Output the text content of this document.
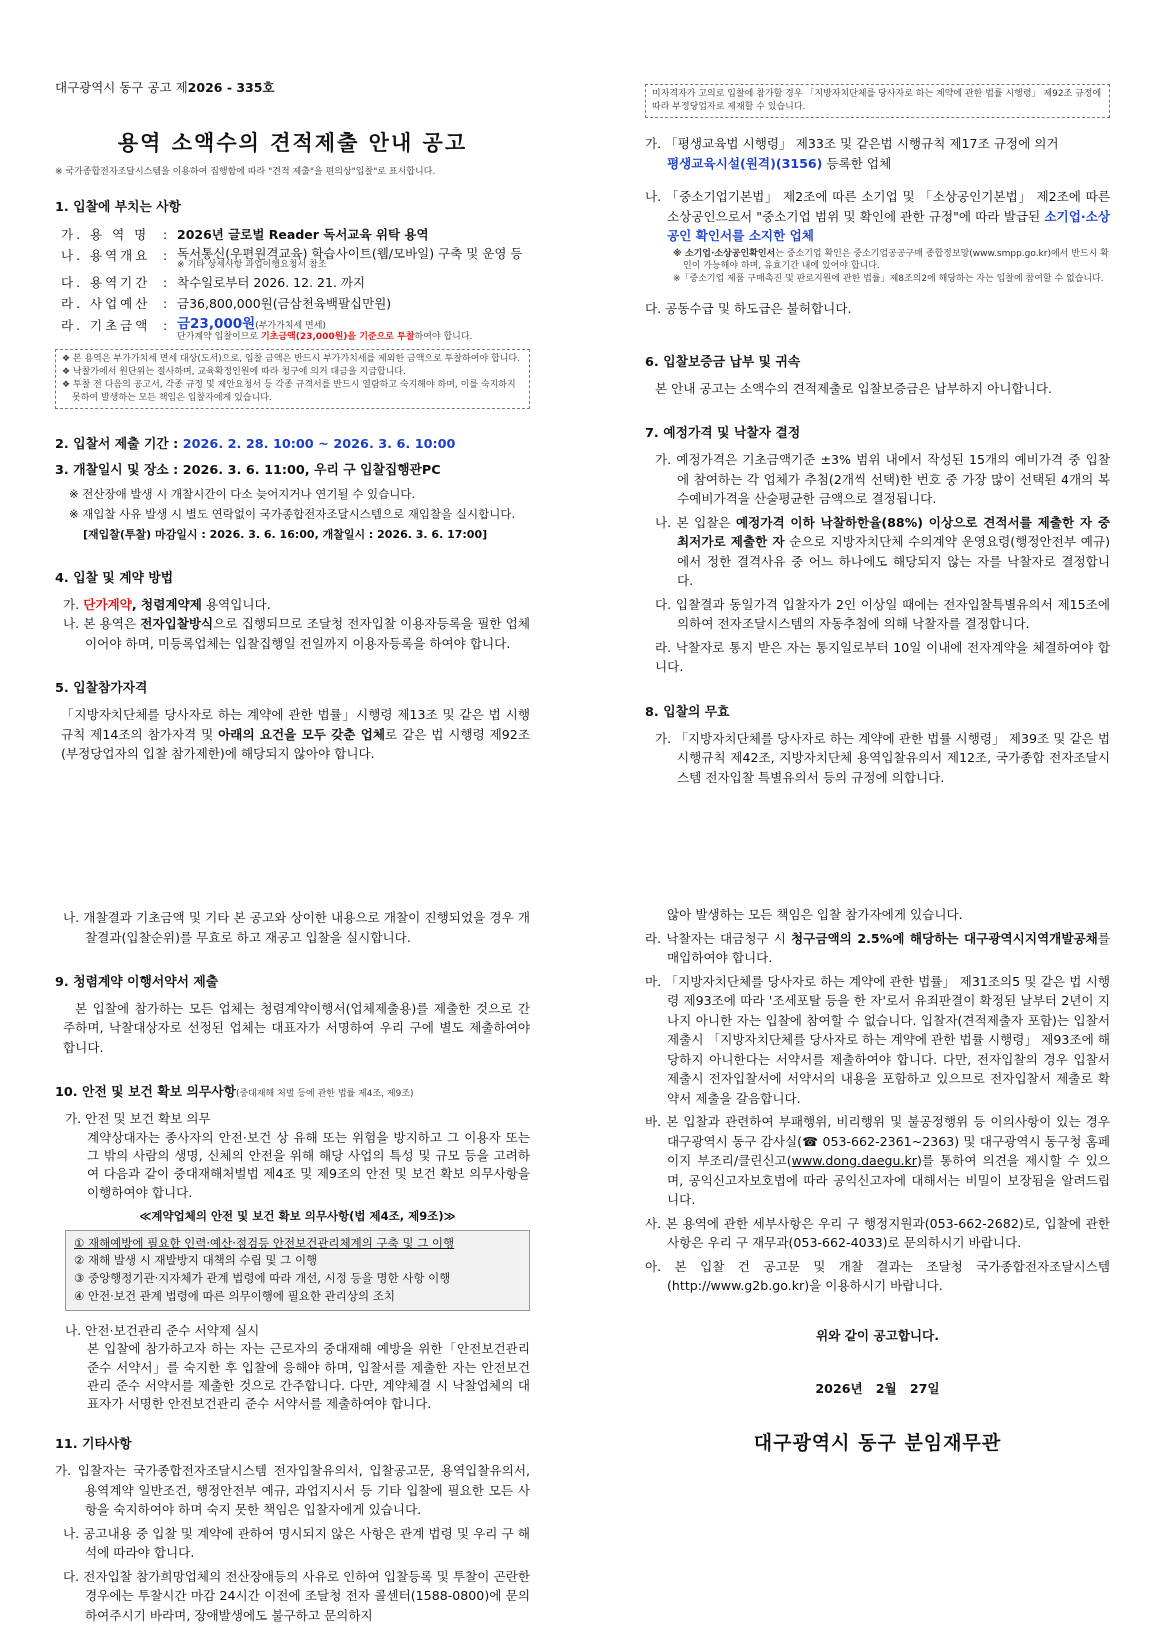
대구광역시 동구 공고 제2026 - 335호
용역 소액수의 견적제출 안내 공고
※ 국가종합전자조달시스템을 이용하여 집행함에 따라 "견적 제출"을 편의상"입찰"로 표시합니다.
1. 입찰에 부치는 사항
가. 용 역 명	:	2026년 글로벌 Reader 독서교육 위탁 용역
나. 용역개요	:	독서통신(우편원격교육) 학습사이트(웹/모바일) 구축 및 운영 등
※ 기타 상세사항 과업이행요청서 참조

다. 용역기간	:	착수일로부터 2026. 12. 21. 까지
라. 사업예산	:	금36,800,000원(금삼천육백팔십만원)
라. 기초금액	:	금23,000원(부가가치세 면세)
단가계약 입찰이므로 기초금액(23,000원)을 기준으로 투찰하여야 합니다.
❖ 본 용역은 부가가치세 면세 대상(도서)으로, 입찰 금액은 반드시 부가가치세를 제외한 금액으로 투찰하여야 합니다.
❖ 낙찰가에서 원단위는 절사하며, 교육확정인원에 따라 청구에 의거 대금을 지급합니다.
❖ 투찰 전 다음의 공고서, 각종 규정 및 제안요청서 등 각종 규격서를 반드시 열람하고 숙지해야 하며, 이를 숙지하지 못하여 발생하는 모든 책임은 입찰자에게 있습니다.
2. 입찰서 제출 기간 : 2026. 2. 28. 10:00 ~ 2026. 3. 6. 10:00
3. 개찰일시 및 장소 : 2026. 3. 6. 11:00, 우리 구 입찰집행관PC
※ 전산장애 발생 시 개찰시간이 다소 늦어지거나 연기될 수 있습니다.
※ 재입찰 사유 발생 시 별도 연락없이 국가종합전자조달시스템으로 재입찰을 실시합니다.
[재입찰(투찰) 마감일시 : 2026. 3. 6. 16:00, 개찰일시 : 2026. 3. 6. 17:00]
4. 입찰 및 계약 방법
가. 단가계약, 청렴계약제 용역입니다.
나. 본 용역은 전자입찰방식으로 집행되므로 조달청 전자입찰 이용자등록을 필한 업체이어야 하며, 미등록업체는 입찰집행일 전일까지 이용자등록을 하여야 합니다.
5. 입찰참가자격
「지방자치단체를 당사자로 하는 계약에 관한 법률」시행령 제13조 및 같은 법 시행규칙 제14조의 참가자격 및 아래의 요건을 모두 갖춘 업체로 같은 법 시행령 제92조(부정당업자의 입찰 참가제한)에 해당되지 않아야 합니다.
미자격자가 고의로 입찰에 참가할 경우 「지방자치단체를 당사자로 하는 계약에 관한 법률 시행령」 제92조 규정에 따라 부정당업자로 제재할 수 있습니다.
가. 「평생교육법 시행령」 제33조 및 같은법 시행규칙 제17조 규정에 의거
평생교육시설(원격)(3156) 등록한 업체
나. 「중소기업기본법」 제2조에 따른 소기업 및 「소상공인기본법」 제2조에 따른 소상공인으로서 "중소기업 범위 및 확인에 관한 규정"에 따라 발급된 소기업·소상공인 확인서를 소지한 업체
※ 소기업·소상공인확인서는 중소기업 확인은 중소기업공공구매 종합정보망(www.smpp.go.kr)에서 반드시 확인이 가능해야 하며, 유효기간 내에 있어야 합니다.
※「중소기업 제품 구매촉진 및 판로지원에 관한 법률」제8조의2에 해당하는 자는 입찰에 참여할 수 없습니다.
다. 공동수급 및 하도급은 불허합니다.
6. 입찰보증금 납부 및 귀속
본 안내 공고는 소액수의 견적제출로 입찰보증금은 납부하지 아니합니다.
7. 예정가격 및 낙찰자 결정
가. 예정가격은 기초금액기준 ±3% 범위 내에서 작성된 15개의 예비가격 중 입찰에 참여하는 각 업체가 추첨(2개씩 선택)한 번호 중 가장 많이 선택된 4개의 복수예비가격을 산술평균한 금액으로 결정됩니다.
나. 본 입찰은 예정가격 이하 낙찰하한율(88%) 이상으로 견적서를 제출한 자 중 최저가로 제출한 자 순으로 지방자치단체 수의계약 운영요령(행정안전부 예규)에서 정한 결격사유 중 어느 하나에도 해당되지 않는 자를 낙찰자로 결정합니다.
다. 입찰결과 동일가격 입찰자가 2인 이상일 때에는 전자입찰특별유의서 제15조에 의하여 전자조달시스템의 자동추첨에 의해 낙찰자를 결정합니다.
라. 낙찰자로 통지 받은 자는 통지일로부터 10일 이내에 전자계약을 체결하여야 합니다.
8. 입찰의 무효
가. 「지방자치단체를 당사자로 하는 계약에 관한 법률 시행령」 제39조 및 같은 법 시행규칙 제42조, 지방자치단체 용역입찰유의서 제12조, 국가종합 전자조달시스템 전자입찰 특별유의서 등의 규정에 의합니다.
나. 개찰결과 기초금액 및 기타 본 공고와 상이한 내용으로 개찰이 진행되었을 경우 개찰결과(입찰순위)를 무효로 하고 재공고 입찰을 실시합니다.
9. 청렴계약 이행서약서 제출
본 입찰에 참가하는 모든 업체는 청렴계약이행서(업체제출용)를 제출한 것으로 간주하며, 낙찰대상자로 선정된 업체는 대표자가 서명하여 우리 구에 별도 제출하여야 합니다.
10. 안전 및 보건 확보 의무사항(중대재해 처벌 등에 관한 법률 제4조, 제9조)
가. 안전 및 보건 확보 의무
계약상대자는 종사자의 안전·보건 상 유해 또는 위험을 방지하고 그 이용자 또는 그 밖의 사람의 생명, 신체의 안전을 위해 해당 사업의 특성 및 규모 등을 고려하여 다음과 같이 중대재해처벌법 제4조 및 제9조의 안전 및 보건 확보 의무사항을 이행하여야 합니다.
≪계약업체의 안전 및 보건 확보 의무사항(법 제4조, 제9조)≫
① 재해예방에 필요한 인력·예산·점검등 안전보건관리체계의 구축 및 그 이행
② 재해 발생 시 재발방지 대책의 수립 및 그 이행
③ 중앙행정기관·지자체가 관계 법령에 따라 개선, 시정 등을 명한 사항 이행
④ 안전·보건 관계 법령에 따른 의무이행에 필요한 관리상의 조치
나. 안전·보건관리 준수 서약제 실시
본 입찰에 참가하고자 하는 자는 근로자의 중대재해 예방을 위한「안전보건관리 준수 서약서」를 숙지한 후 입찰에 응해야 하며, 입찰서를 제출한 자는 안전보건관리 준수 서약서를 제출한 것으로 간주합니다. 다만, 계약체결 시 낙찰업체의 대표자가 서명한 안전보건관리 준수 서약서를 제출하여야 합니다.
11. 기타사항
가. 입찰자는 국가종합전자조달시스템 전자입찰유의서, 입찰공고문, 용역입찰유의서, 용역계약 일반조건, 행정안전부 예규, 과업지시서 등 기타 입찰에 필요한 모든 사항을 숙지하여야 하며 숙지 못한 책임은 입찰자에게 있습니다.
나. 공고내용 중 입찰 및 계약에 관하여 명시되지 않은 사항은 관계 법령 및 우리 구 해석에 따라야 합니다.
다. 전자입찰 참가희망업체의 전산장애등의 사유로 인하여 입찰등록 및 투찰이 곤란한 경우에는 투찰시간 마감 24시간 이전에 조달청 전자 콜센터(1588-0800)에 문의하여주시기 바라며, 장애발생에도 불구하고 문의하지
않아 발생하는 모든 책임은 입찰 참가자에게 있습니다.
라. 낙찰자는 대금청구 시 청구금액의 2.5%에 해당하는 대구광역시지역개발공채를 매입하여야 합니다.
마. 「지방자치단체를 당사자로 하는 계약에 관한 법률」 제31조의5 및 같은 법 시행령 제93조에 따라 '조세포탈 등을 한 자'로서 유죄판결이 확정된 날부터 2년이 지나지 아니한 자는 입찰에 참여할 수 없습니다. 입찰자(견적제출자 포함)는 입찰서 제출시 「지방자치단체를 당사자로 하는 계약에 관한 법률 시행령」 제93조에 해당하지 아니한다는 서약서를 제출하여야 합니다. 다만, 전자입찰의 경우 입찰서 제출시 전자입찰서에 서약서의 내용을 포함하고 있으므로 전자입찰서 제출로 확약서 제출을 갈음합니다.
바. 본 입찰과 관련하여 부패행위, 비리행위 및 불공정행위 등 이의사항이 있는 경우 대구광역시 동구 감사실(☎ 053-662-2361~2363) 및 대구광역시 동구청 홈페이지 부조리/클린신고(www.dong.daegu.kr)를 통하여 의견을 제시할 수 있으며, 공익신고자보호법에 따라 공익신고자에 대해서는 비밀이 보장됨을 알려드립니다.
사. 본 용역에 관한 세부사항은 우리 구 행정지원과(053-662-2682)로, 입찰에 관한 사항은 우리 구 재무과(053-662-4033)로 문의하시기 바랍니다.
아. 본 입찰 건 공고문 및 개찰 결과는 조달청 국가종합전자조달시스템(http://www.g2b.go.kr)을 이용하시기 바랍니다.
위와 같이 공고합니다.
2026년   2월   27일
대구광역시 동구 분임재무관
